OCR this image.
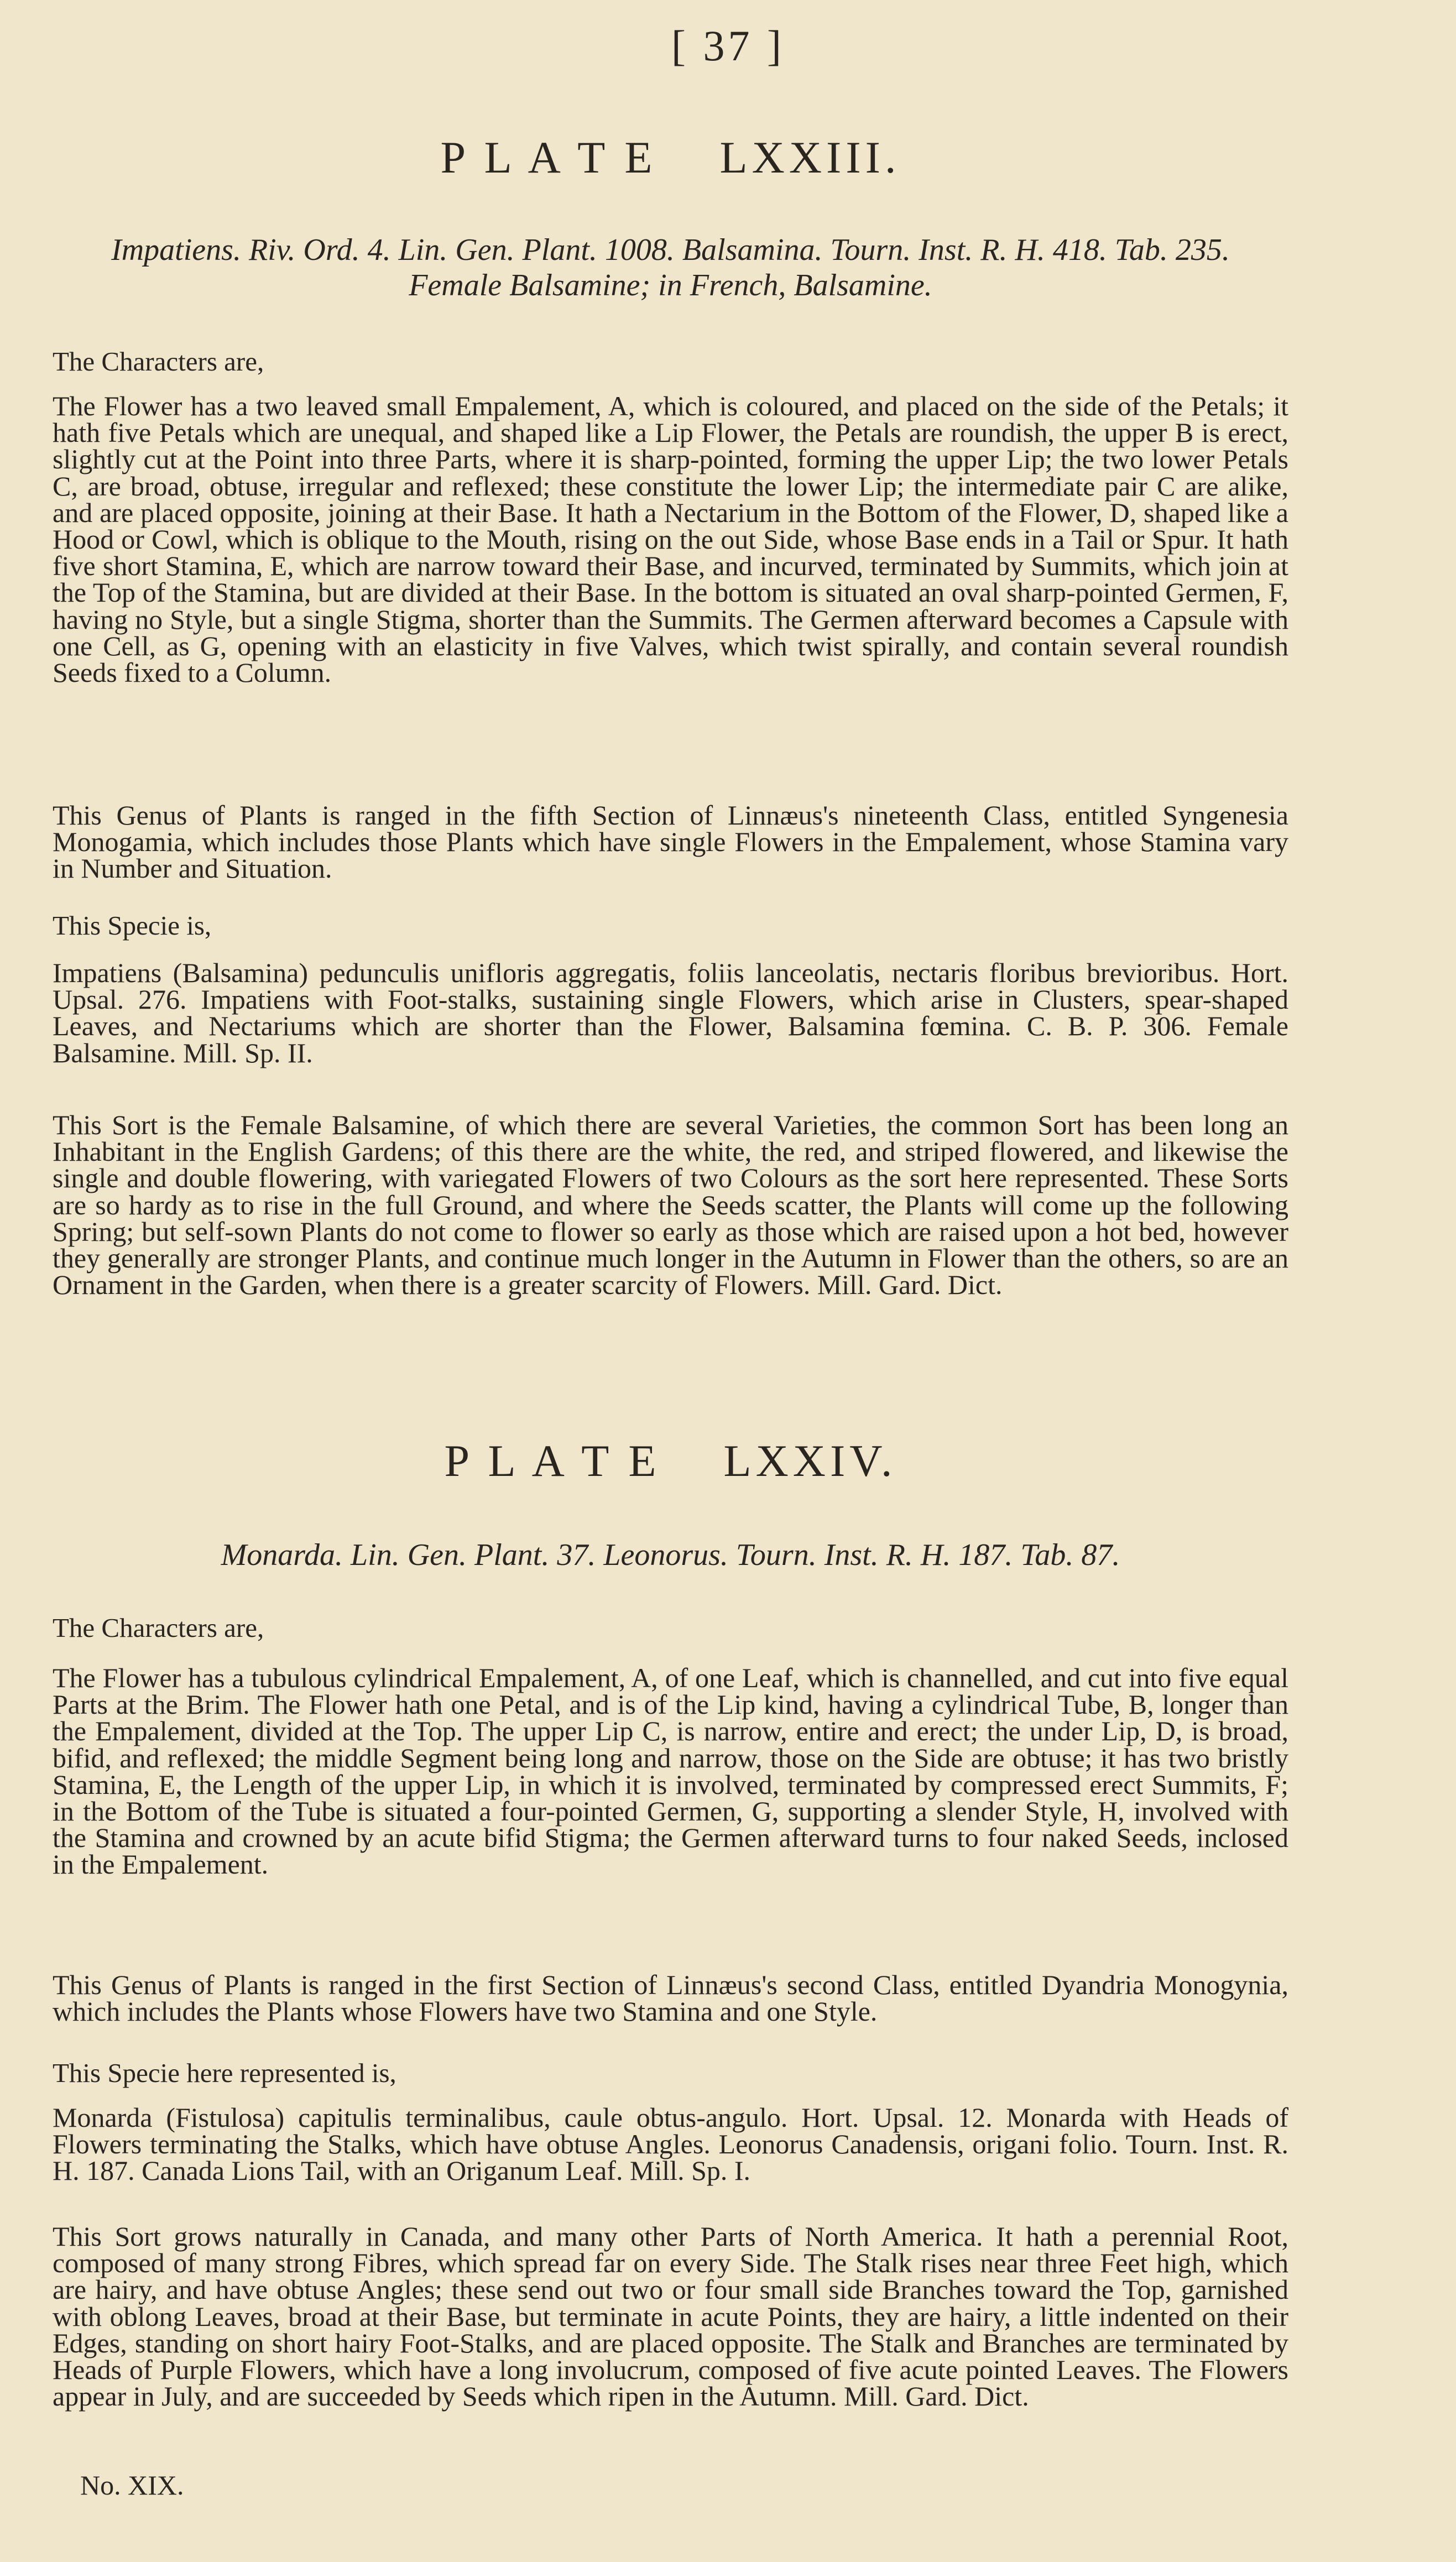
[ 37 ]
P L A T E LXXIII.

Impatiens. Riv. Ord. 4. Lin. Gen. Plant. 1008. Balsamina. Tourn. Inst. R. H. 418. Tab. 235.

Female Balsamine; in French, Balsamine.

The Characters are,

The Flower has a two leaved small Empalement, A, which is coloured, and placed on the side of the Petals; it hath five Petals which are unequal, and shaped like a Lip Flower, the Petals are roundish, the upper B is erect, slightly cut at the Point into three Parts, where it is sharp-pointed, forming the upper Lip; the two lower Petals C, are broad, obtuse, irregular and reflexed; these constitute the lower Lip; the intermediate pair C are alike, and are placed opposite, joining at their Base. It hath a Nectarium in the Bottom of the Flower, D, shaped like a Hood or Cowl, which is oblique to the Mouth, rising on the out Side, whose Base ends in a Tail or Spur. It hath five short Stamina, E, which are narrow toward their Base, and incurved, terminated by Summits, which join at the Top of the Stamina, but are divided at their Base. In the bottom is situated an oval sharp-pointed Germen, F, having no Style, but a single Stigma, shorter than the Summits. The Germen afterward becomes a Capsule with one Cell, as G, opening with an elasticity in five Valves, which twist spirally, and contain several roundish Seeds fixed to a Column.

This Genus of Plants is ranged in the fifth Section of Linnæus's nineteenth Class, entitled Syngenesia Monogamia, which includes those Plants which have single Flowers in the Empalement, whose Stamina vary in Number and Situation.

This Specie is,

Impatiens (Balsamina) pedunculis unifloris aggregatis, foliis lanceolatis, nectaris floribus brevioribus. Hort. Upsal. 276. Impatiens with Foot-stalks, sustaining single Flowers, which arise in Clusters, spear-shaped Leaves, and Nectariums which are shorter than the Flower, Balsamina fœmina. C. B. P. 306. Female Balsamine. Mill. Sp. II.

This Sort is the Female Balsamine, of which there are several Varieties, the common Sort has been long an Inhabitant in the English Gardens; of this there are the white, the red, and striped flowered, and likewise the single and double flowering, with variegated Flowers of two Colours as the sort here represented. These Sorts are so hardy as to rise in the full Ground, and where the Seeds scatter, the Plants will come up the following Spring; but self-sown Plants do not come to flower so early as those which are raised upon a hot bed, however they generally are stronger Plants, and continue much longer in the Autumn in Flower than the others, so are an Ornament in the Garden, when there is a greater scarcity of Flowers. Mill. Gard. Dict.

P L A T E LXXIV.

Monarda. Lin. Gen. Plant. 37. Leonorus. Tourn. Inst. R. H. 187. Tab. 87.

The Characters are,

The Flower has a tubulous cylindrical Empalement, A, of one Leaf, which is channelled, and cut into five equal Parts at the Brim. The Flower hath one Petal, and is of the Lip kind, having a cylindrical Tube, B, longer than the Empalement, divided at the Top. The upper Lip C, is narrow, entire and erect; the under Lip, D, is broad, bifid, and reflexed; the middle Segment being long and narrow, those on the Side are obtuse; it has two bristly Stamina, E, the Length of the upper Lip, in which it is involved, terminated by compressed erect Summits, F; in the Bottom of the Tube is situated a four-pointed Germen, G, supporting a slender Style, H, involved with the Stamina and crowned by an acute bifid Stigma; the Germen afterward turns to four naked Seeds, inclosed in the Empalement.

This Genus of Plants is ranged in the first Section of Linnæus's second Class, entitled Dyandria Monogynia, which includes the Plants whose Flowers have two Stamina and one Style.

This Specie here represented is,

Monarda (Fistulosa) capitulis terminalibus, caule obtus-angulo. Hort. Upsal. 12. Monarda with Heads of Flowers terminating the Stalks, which have obtuse Angles. Leonorus Canadensis, origani folio. Tourn. Inst. R. H. 187. Canada Lions Tail, with an Origanum Leaf. Mill. Sp. I.

This Sort grows naturally in Canada, and many other Parts of North America. It hath a perennial Root, composed of many strong Fibres, which spread far on every Side. The Stalk rises near three Feet high, which are hairy, and have obtuse Angles; these send out two or four small side Branches toward the Top, garnished with oblong Leaves, broad at their Base, but terminate in acute Points, they are hairy, a little indented on their Edges, standing on short hairy Foot-Stalks, and are placed opposite. The Stalk and Branches are terminated by Heads of Purple Flowers, which have a long involucrum, composed of five acute pointed Leaves. The Flowers appear in July, and are succeeded by Seeds which ripen in the Autumn. Mill. Gard. Dict.

No. XIX.
